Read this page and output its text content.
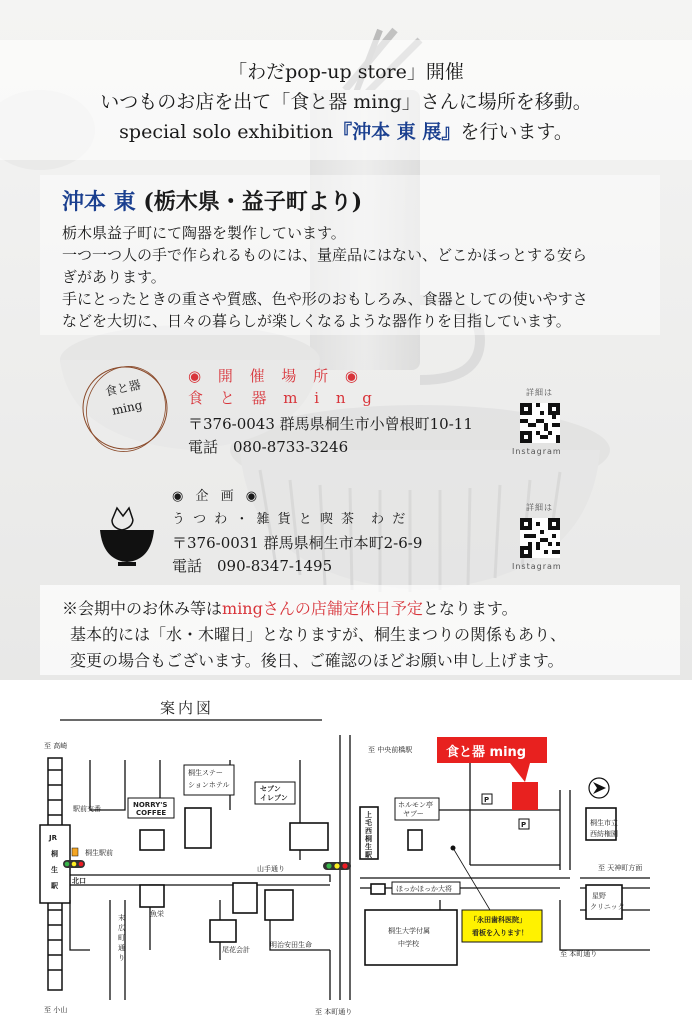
「わだpop-up store」開催
いつものお店を出て「食と器 ming」さんに場所を移動。
special solo exhibition『沖本 東 展』を行います。
沖本 東 (栃木県・益子町より)
栃木県益子町にて陶器を製作しています。
一つ一つ人の手で作られるものには、量産品にはない、どこかほっとする安ら
ぎがあります。
手にとったときの重さや質感、色や形のおもしろみ、食器としての使いやすさ
などを大切に、日々の暮らしが楽しくなるような器作りを目指しています。
食と器 ming
◉ 開 催 場 所 ◉
食 と 器 m i n g
〒376-0043 群馬県桐生市小曾根町10-11
電話　080-8733-3246
詳細は
Instagram
◉ 企 画 ◉
う つ わ ・ 雑 貨 と 喫 茶　わ だ
〒376-0031 群馬県桐生市本町2-6-9
電話　090-8347-1495
詳細は
Instagram
※会期中のお休み等はmingさんの店舗定休日予定となります。
基本的には「水・木曜日」となりますが、桐生まつりの関係もあり、
変更の場合もございます。後日、ご確認のほどお願い申し上げます。
案内図
JR
桐
生
駅
至 高崎
至 小山
駅前交番
桐生駅前
北口
NORRY'S
COFFEE
桐生ステー
ションホテル	セブン
イレブン
山手通り
魚栄
尾花会計
明治安田生命
末
広
町
通
り
上
毛
西
桐
生
駅
至 中央前橋駅
ホルモン亭
ヤブー
ほっかほっか大将
桐生大学付属
中学校
「永田歯科医院」
看板を入ります！
P
P
食と器 ming
桐生市立
西紡権園
星野
クリニック
至 天神町方面
至 本町通り
至 本町通り
